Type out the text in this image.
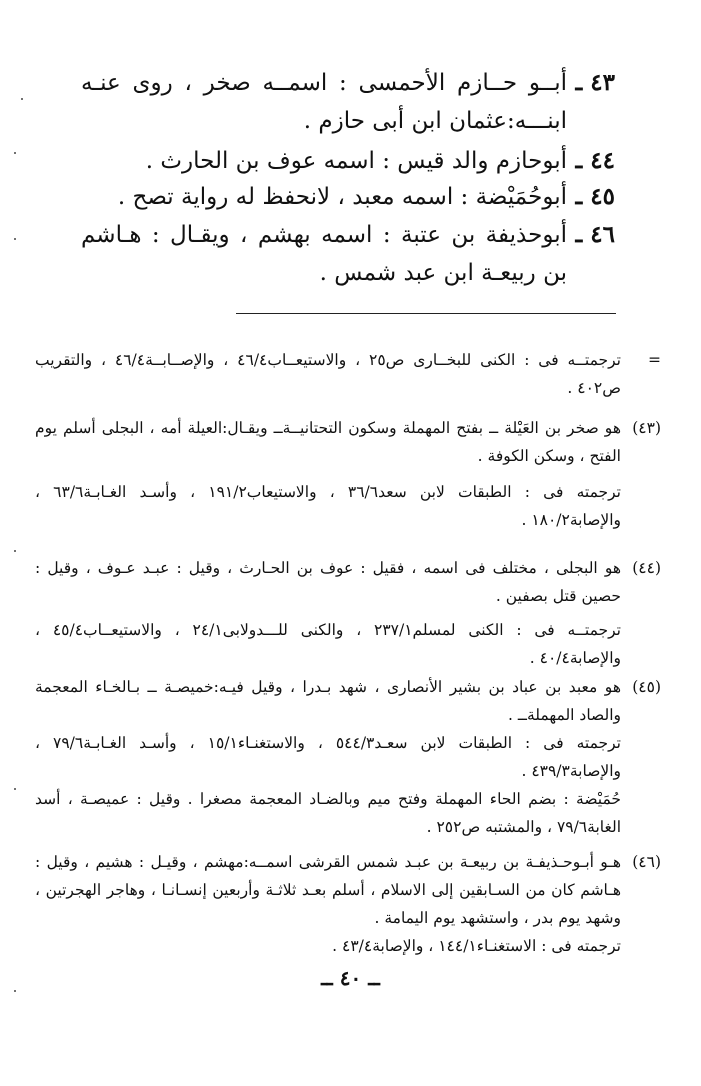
٤٣ ـ
أبــو حــازم الأحمسى : اسمــه صخر ، روى عنـه ابنـــه:عثمان ابن أبى حازم .
٤٤ ـ
أبوحازم والد قيس : اسمه عوف بن الحارث .
٤٥ ـ
أبوحُمَيْضة : اسمه معبد ، لانحفظ له رواية تصح .
٤٦ ـ
أبوحذيفة بن عتبة : اسمه بهشم ، ويقـال : هـاشم بن ربيعـة ابن عبد شمس .
=

ترجمتــه فى : الكنى للبخــارى ص٢٥ ، والاستيعــاب٤٦/٤ ، والإصــابــة٤٦/٤ ، والتقريب ص٤٠٢ .

(٤٣)

هو صخر بن العَيْلة ــ بفتح المهملة وسكون التحتانيــةــ ويقـال:العيلة أمه ، البجلى أسلم يوم الفتح ، وسكن الكوفة .

ترجمته فى : الطبقات لابن سعد٣٦/٦ ، والاستيعاب١٩١/٢ ، وأسـد الغـابـة٦٣/٦ ، والإصابة١٨٠/٢ .

(٤٤)

هو البجلى ، مختلف فى اسمه ، فقيل : عوف بن الحـارث ، وقيل : عبـد عـوف ، وقيل : حصين قتل بصفين .

ترجمتــه فى : الكنى لمسلم٢٣٧/١ ، والكنى للـــدولابى٢٤/١ ، والاستيعــاب٤٥/٤ ، والإصابة٤٠/٤ .

(٤٥)

هو معبد بن عباد بن بشير الأنصارى ، شهد بـدرا ، وقيل فيـه:خميصـة ــ بـالخـاء المعجمة والصاد المهملةــ .

ترجمته فى : الطبقات لابن سعـد٥٤٤/٣ ، والاستغنـاء١٥/١ ، وأسـد الغـابـة٧٩/٦ ، والإصابة٤٣٩/٣ .

حُمَيْضة : بضم الحاء المهملة وفتح ميم وبالضـاد المعجمة مصغرا . وقيل : عميصـة ، أسد الغابة٧٩/٦ ، والمشتبه ص٢٥٢ .

(٤٦)

هـو أبـوحـذيفـة بن ربيعـة بن عبـد شمس القرشى اسمــه:مهشم ، وقيـل : هشيم ، وقيل : هـاشم كان من السـابقين إلى الاسلام ، أسلم بعـد ثلاثـة وأربعين إنسـانـا ، وهاجر الهجرتين ، وشهد يوم بدر ، واستشهد يوم اليمامة .

ترجمته فى : الاستغنـاء١٤٤/١ ، والإصابة٤٣/٤ .

ــ ٤٠ ــ
